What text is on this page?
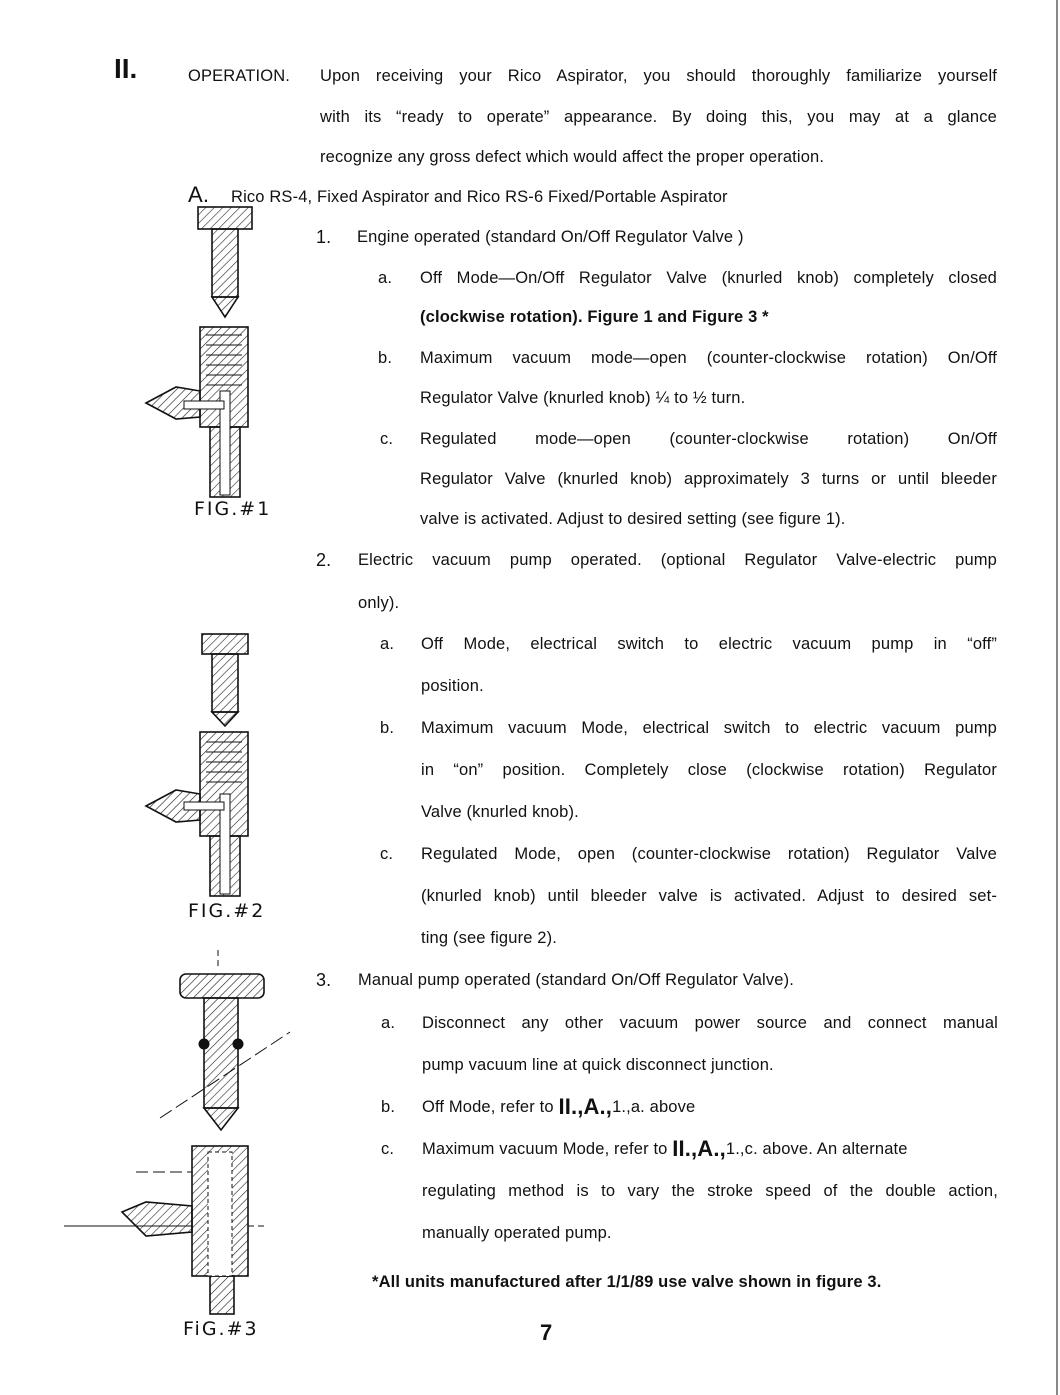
II.	OPERATION. Upon receiving your Rico Aspirator, you should thoroughly familiarize yourself
with its “ready to operate” appearance. By doing this, you may at a glance
recognize any gross defect which would affect the proper operation.
A. Rico RS-4, Fixed Aspirator and Rico RS-6 Fixed/Portable Aspirator
1. Engine operated (standard On/Off Regulator Valve )
a. Off Mode—On/Off Regulator Valve (knurled knob) completely closed
(clockwise rotation). Figure 1 and Figure 3 *
b. Maximum vacuum mode—open (counter-clockwise rotation) On/Off
Regulator Valve (knurled knob) ¼ to ½ turn.
c. Regulated mode—open (counter-clockwise rotation) On/Off
Regulator Valve (knurled knob) approximately 3 turns or until bleeder
valve is activated. Adjust to desired setting (see figure 1).
2. Electric vacuum pump operated. (optional Regulator Valve-electric pump
only).
a. Off Mode, electrical switch to electric vacuum pump in “off”
position.
b. Maximum vacuum Mode, electrical switch to electric vacuum pump
in “on” position. Completely close (clockwise rotation) Regulator
Valve (knurled knob).
c. Regulated Mode, open (counter-clockwise rotation) Regulator Valve
(knurled knob) until bleeder valve is activated. Adjust to desired set-
ting (see figure 2).
3. Manual pump operated (standard On/Off Regulator Valve).
a. Disconnect any other vacuum power source and connect manual
pump vacuum line at quick disconnect junction.
b. Off Mode, refer to II.,A.,1.,a. above
c. Maximum vacuum Mode, refer to II.,A.,1.,c. above. An alternate
regulating method is to vary the stroke speed of the double action,
manually operated pump.
*All units manufactured after 1/1/89 use valve shown in figure 3.
7
FIG.#1
FIG.#2
FiG.#3
